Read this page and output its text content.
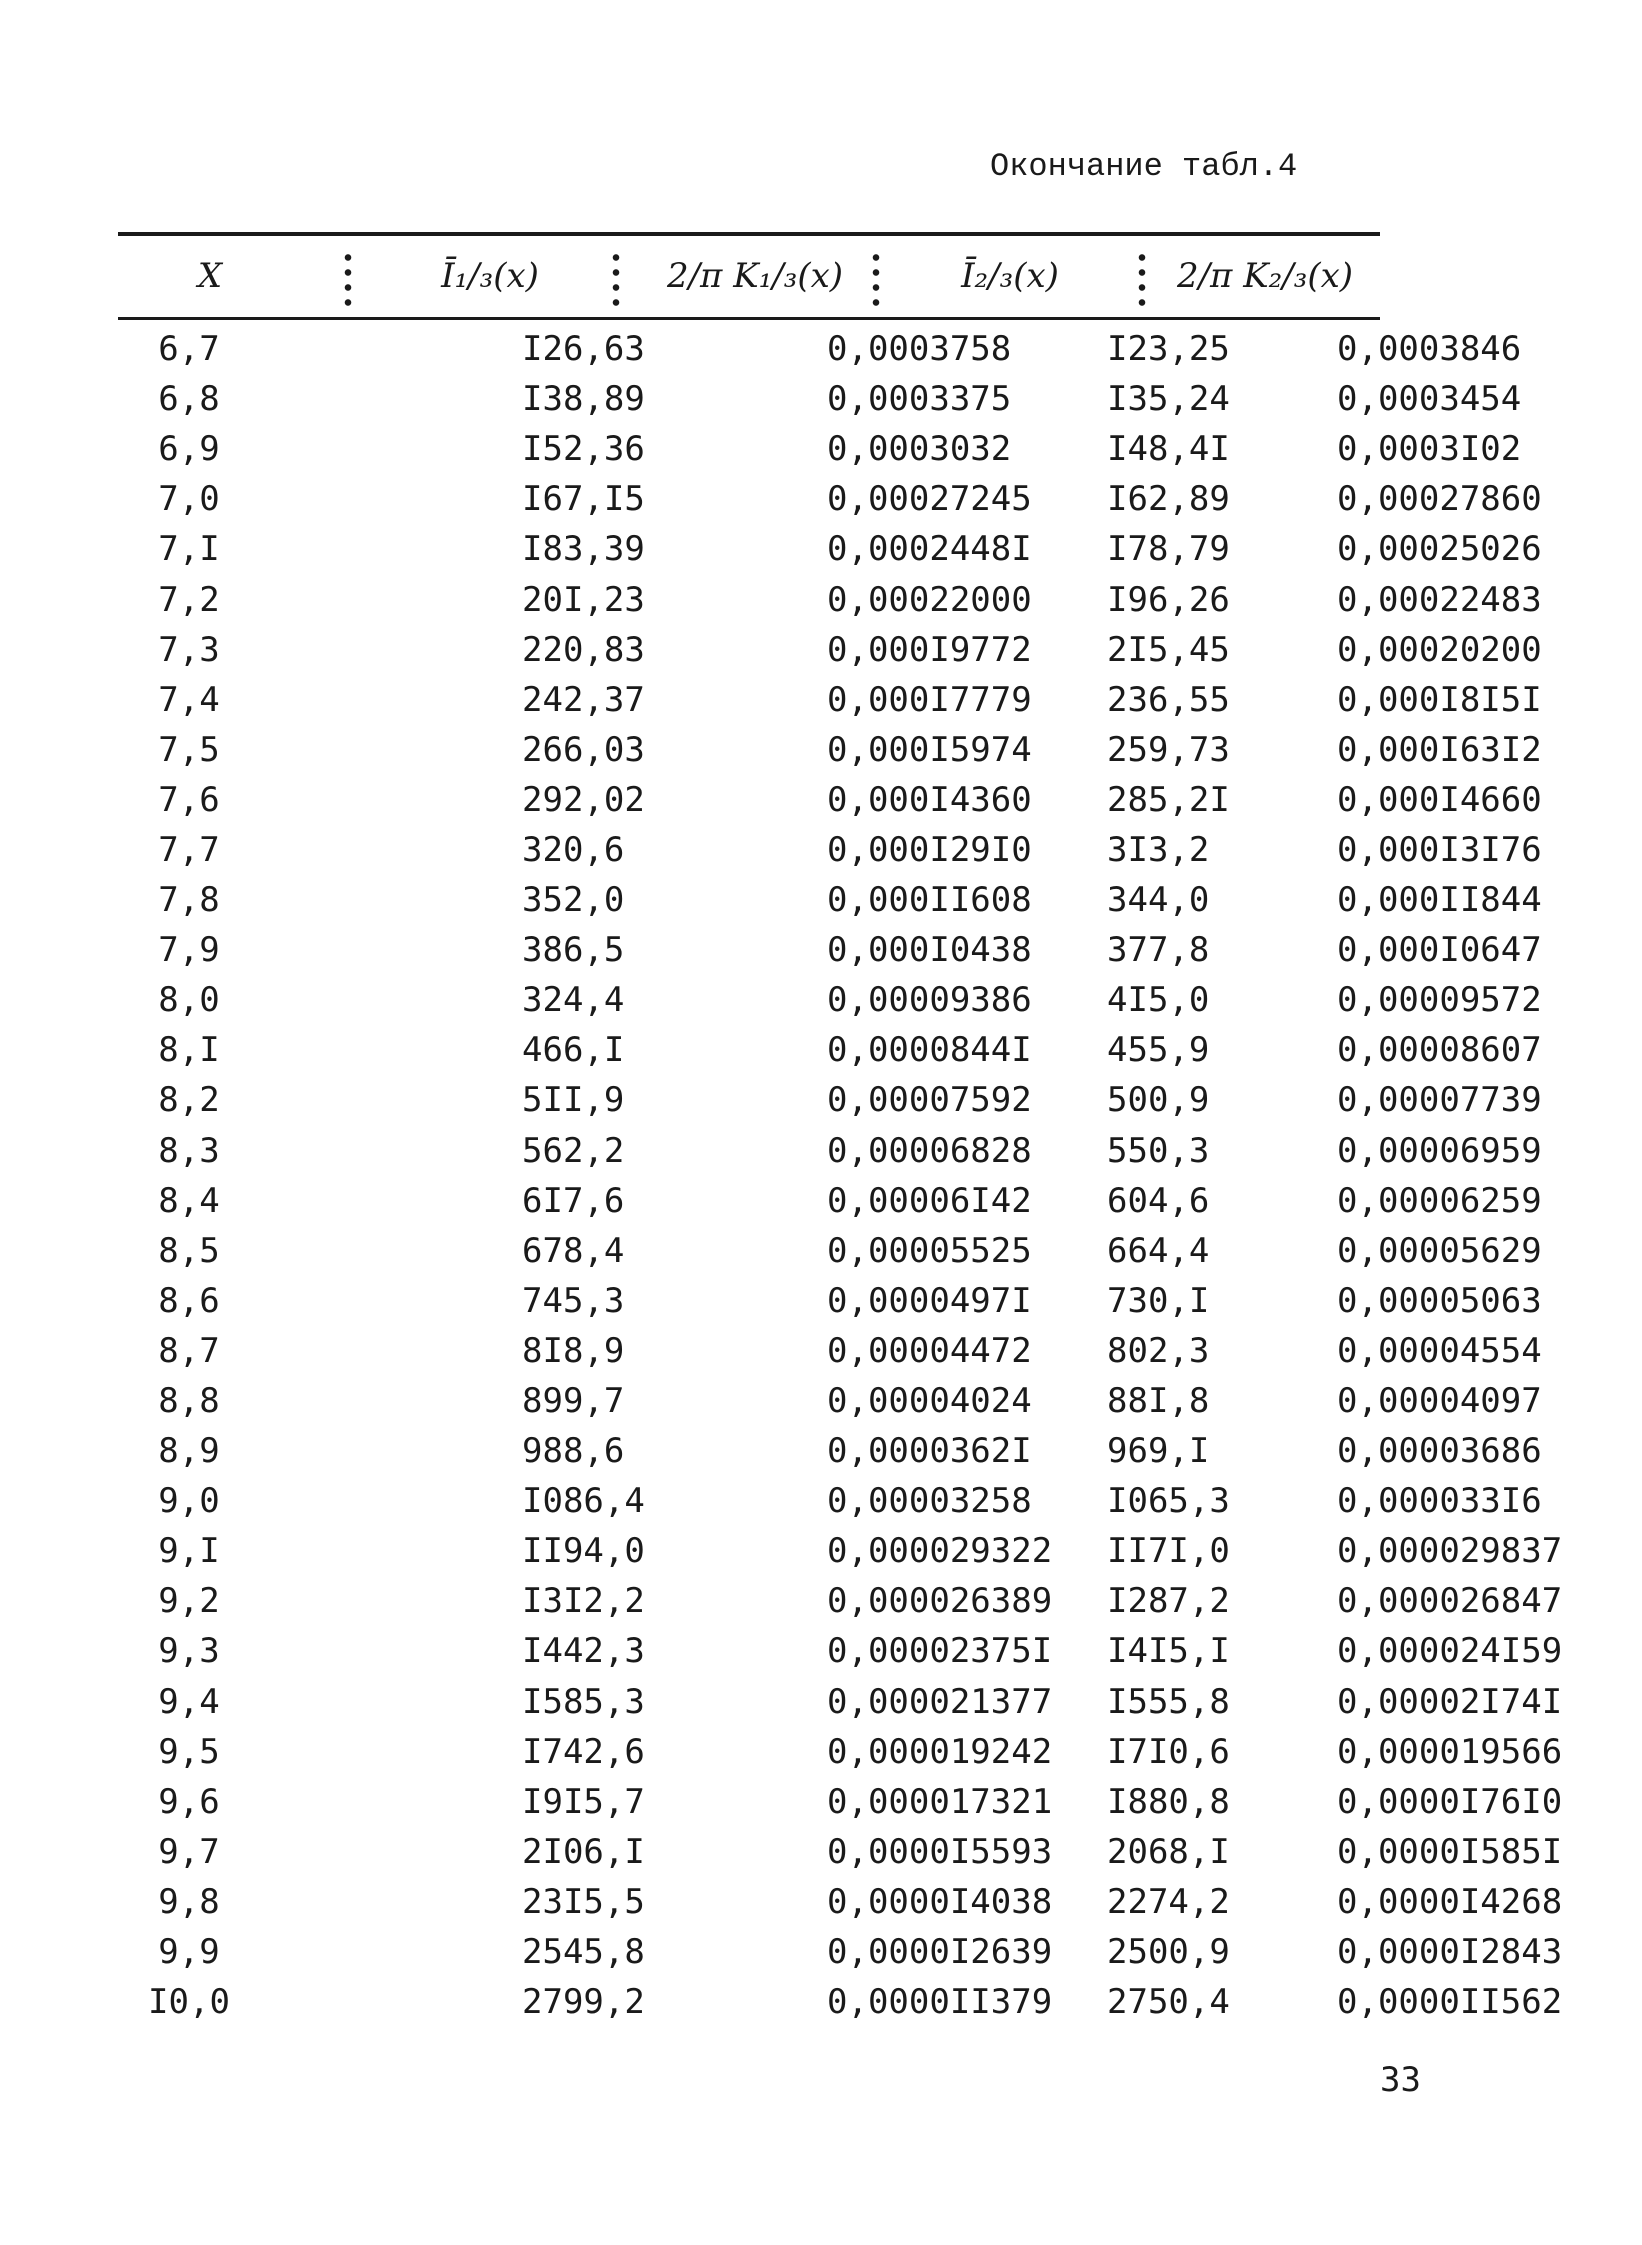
Окончание табл.4
X	Ī₁/₃(x)	2/π K₁/₃(x)	Ī₂/₃(x)	2/π K₂/₃(x)
6,7	I26,63	0,0003758	I23,25	0,0003846
6,8	I38,89	0,0003375	I35,24	0,0003454
6,9	I52,36	0,0003032	I48,4I	0,0003I02
7,0	I67,I5	0,00027245	I62,89	0,00027860
7,I	I83,39	0,0002448I	I78,79	0,00025026
7,2	20I,23	0,00022000	I96,26	0,00022483
7,3	220,83	0,000I9772	2I5,45	0,00020200
7,4	242,37	0,000I7779	236,55	0,000I8I5I
7,5	266,03	0,000I5974	259,73	0,000I63I2
7,6	292,02	0,000I4360	285,2I	0,000I4660
7,7	320,6	0,000I29I0	3I3,2	0,000I3I76
7,8	352,0	0,000II608	344,0	0,000II844
7,9	386,5	0,000I0438	377,8	0,000I0647
8,0	324,4	0,00009386	4I5,0	0,00009572
8,I	466,I	0,0000844I	455,9	0,00008607
8,2	5II,9	0,00007592	500,9	0,00007739
8,3	562,2	0,00006828	550,3	0,00006959
8,4	6I7,6	0,00006I42	604,6	0,00006259
8,5	678,4	0,00005525	664,4	0,00005629
8,6	745,3	0,0000497I	730,I	0,00005063
8,7	8I8,9	0,00004472	802,3	0,00004554
8,8	899,7	0,00004024	88I,8	0,00004097
8,9	988,6	0,0000362I	969,I	0,00003686
9,0	I086,4	0,00003258	I065,3	0,000033I6
9,I	II94,0	0,000029322	II7I,0	0,000029837
9,2	I3I2,2	0,000026389	I287,2	0,000026847
9,3	I442,3	0,00002375I	I4I5,I	0,000024I59
9,4	I585,3	0,000021377	I555,8	0,00002I74I
9,5	I742,6	0,000019242	I7I0,6	0,000019566
9,6	I9I5,7	0,000017321	I880,8	0,0000I76I0
9,7	2I06,I	0,0000I5593	2068,I	0,0000I585I
9,8	23I5,5	0,0000I4038	2274,2	0,0000I4268
9,9	2545,8	0,0000I2639	2500,9	0,0000I2843
I0,0	2799,2	0,0000II379	2750,4	0,0000II562
33
